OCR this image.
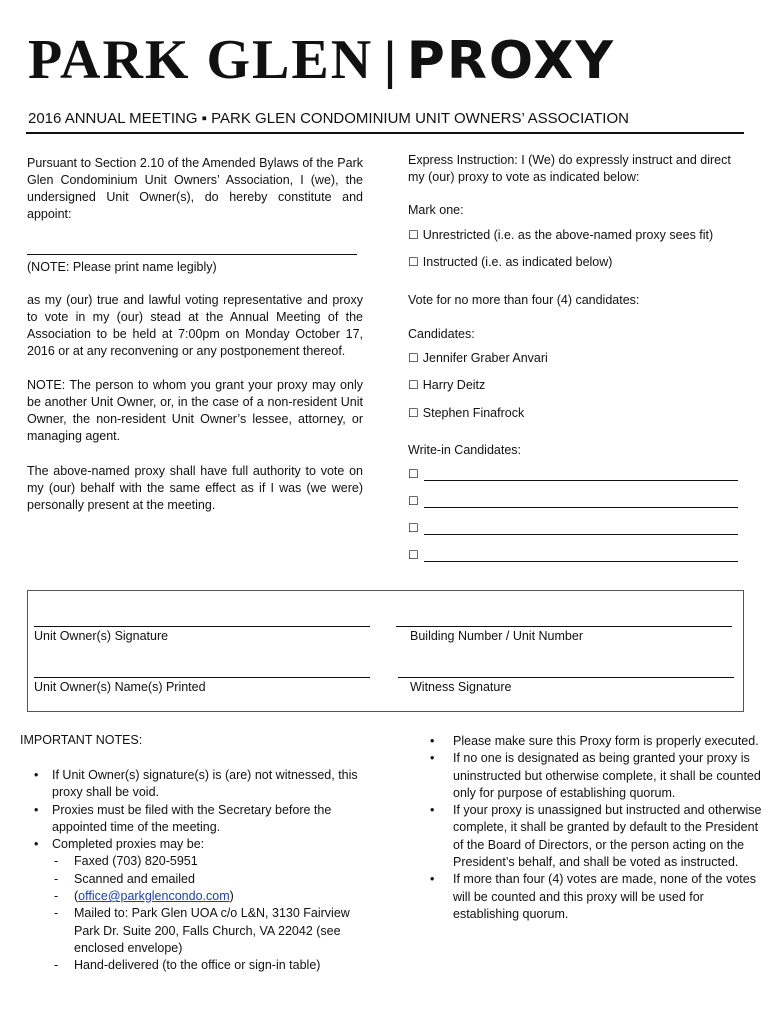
PARK GLEN | PROXY
2016 ANNUAL MEETING ▪ PARK GLEN CONDOMINIUM UNIT OWNERS’ ASSOCIATION
Pursuant to Section 2.10 of the Amended Bylaws of the Park Glen Condominium Unit Owners’ Association, I (we), the undersigned Unit Owner(s), do hereby constitute and appoint:
(NOTE: Please print name legibly)
as my (our) true and lawful voting representative and proxy to vote in my (our) stead at the Annual Meeting of the Association to be held at 7:00pm on Monday October 17, 2016 or at any reconvening or any postponement thereof.
NOTE: The person to whom you grant your proxy may only be another Unit Owner, or, in the case of a non-resident Unit Owner, the non-resident Unit Owner’s lessee, attorney, or managing agent.
The above-named proxy shall have full authority to vote on my (our) behalf with the same effect as if I was (we were) personally present at the meeting.
Express Instruction: I (We) do expressly instruct and direct my (our) proxy to vote as indicated below:
Mark one:
☐ Unrestricted (i.e. as the above-named proxy sees fit)
☐ Instructed (i.e. as indicated below)
Vote for no more than four (4) candidates:
Candidates:
☐ Jennifer Graber Anvari
☐ Harry Deitz
☐ Stephen Finafrock
Write-in Candidates:
☐
☐
☐
☐
Unit Owner(s) Signature	Building Number / Unit Number
Unit Owner(s) Name(s) Printed	Witness Signature
IMPORTANT NOTES:
• If Unit Owner(s) signature(s) is (are) not witnessed, this proxy shall be void.
• Proxies must be filed with the Secretary before the appointed time of the meeting.
• Completed proxies may be:
- Faxed (703) 820-5951
- Scanned and emailed
- (office@parkglencondo.com)
- Mailed to: Park Glen UOA c/o L&N, 3130 Fairview Park Dr. Suite 200, Falls Church, VA 22042 (see enclosed envelope)
- Hand-delivered (to the office or sign-in table)
• Please make sure this Proxy form is properly executed.
• If no one is designated as being granted your proxy is uninstructed but otherwise complete, it shall be counted only for purpose of establishing quorum.
• If your proxy is unassigned but instructed and otherwise complete, it shall be granted by default to the President of the Board of Directors, or the person acting on the President’s behalf, and shall be voted as instructed.
• If more than four (4) votes are made, none of the votes will be counted and this proxy will be used for establishing quorum.
